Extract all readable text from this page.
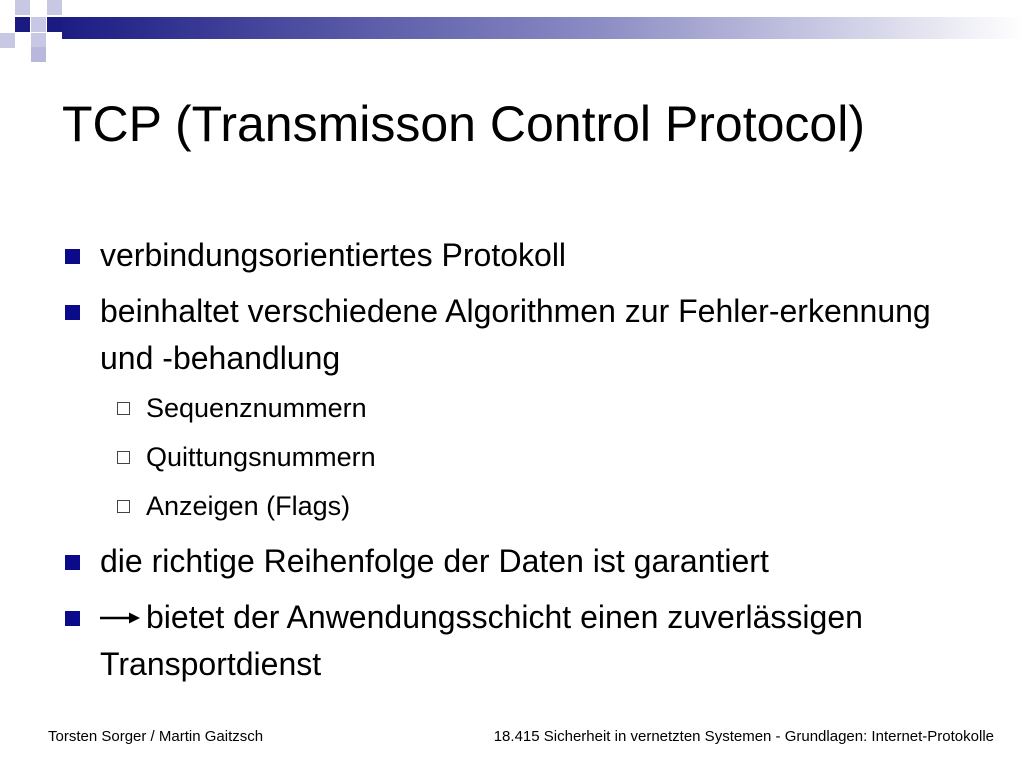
TCP (Transmisson Control Protocol)
verbindungsorientiertes Protokoll
beinhaltet verschiedene Algorithmen zur Fehler-erkennung und -behandlung
Sequenznummern
Quittungsnummern
Anzeigen (Flags)
die richtige Reihenfolge der Daten ist garantiert
bietet der Anwendungsschicht einen zuverlässigen Transportdienst
Torsten Sorger / Martin Gaitzsch	18.415 Sicherheit in vernetzten Systemen - Grundlagen: Internet-Protokolle
